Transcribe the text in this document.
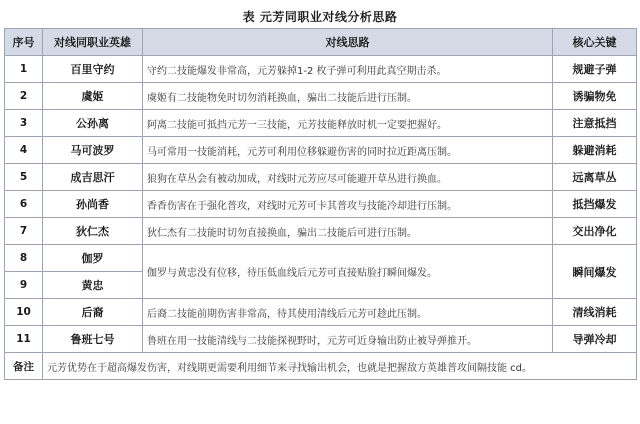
表 元芳同职业对线分析思路
序号	对线同职业英雄	对线思路	核心关键
1	百里守约	守约二技能爆发非常高，元芳躲掉1-2 枚子弹可利用此真空期击杀。	规避子弹
2	虞姬	虞姬有二技能物免时切勿消耗换血，骗出二技能后进行压制。	诱骗物免
3	公孙离	阿离二技能可抵挡元芳一三技能，元芳技能释放时机一定要把握好。	注意抵挡
4	马可波罗	马可常用一技能消耗，元芳可利用位移躲避伤害的同时拉近距离压制。	躲避消耗
5	成吉思汗	狼狗在草丛会有被动加成，对线时元芳应尽可能避开草丛进行换血。	远离草丛
6	孙尚香	香香伤害在于强化普攻，对线时元芳可卡其普攻与技能冷却进行压制。	抵挡爆发
7	狄仁杰	狄仁杰有二技能时切勿直接换血，骗出二技能后可进行压制。	交出净化
8	伽罗	伽罗与黄忠没有位移，待压低血线后元芳可直接贴脸打瞬间爆发。	瞬间爆发
9	黄忠		
10	后裔	后裔二技能前期伤害非常高，待其使用清线后元芳可趁此压制。	清线消耗
11	鲁班七号	鲁班在用一技能清线与二技能探视野时，元芳可近身输出防止被导弹推开。	导弹冷却
备注	元芳优势在于超高爆发伤害，对线期更需要利用细节来寻找输出机会，也就是把握敌方英雄普攻间隔技能 cd。		
